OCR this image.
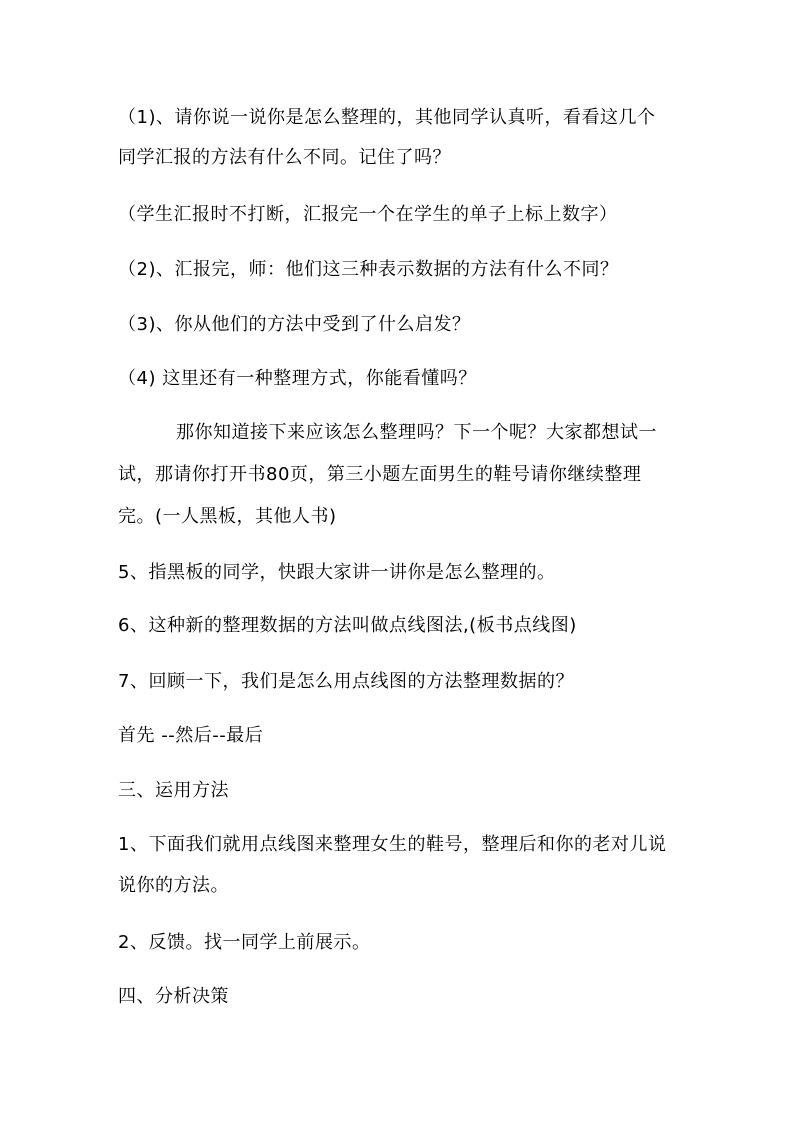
（1)、请你说一说你是怎么整理的，其他同学认真听，看看这几个
同学汇报的方法有什么不同。记住了吗？
（学生汇报时不打断，汇报完一个在学生的单子上标上数字）
（2)、汇报完，师：他们这三种表示数据的方法有什么不同？
（3)、你从他们的方法中受到了什么启发？
（4) 这里还有一种整理方式，你能看懂吗？
那你知道接下来应该怎么整理吗？下一个呢？大家都想试一
试，那请你打开书80页，第三小题左面男生的鞋号请你继续整理
完。(一人黑板，其他人书)
5、指黑板的同学，快跟大家讲一讲你是怎么整理的。
6、这种新的整理数据的方法叫做点线图法,(板书点线图)
7、回顾一下，我们是怎么用点线图的方法整理数据的？
首先 --然后--最后
三、运用方法
1、下面我们就用点线图来整理女生的鞋号，整理后和你的老对儿说
说你的方法。
2、反馈。找一同学上前展示。
四、分析决策
